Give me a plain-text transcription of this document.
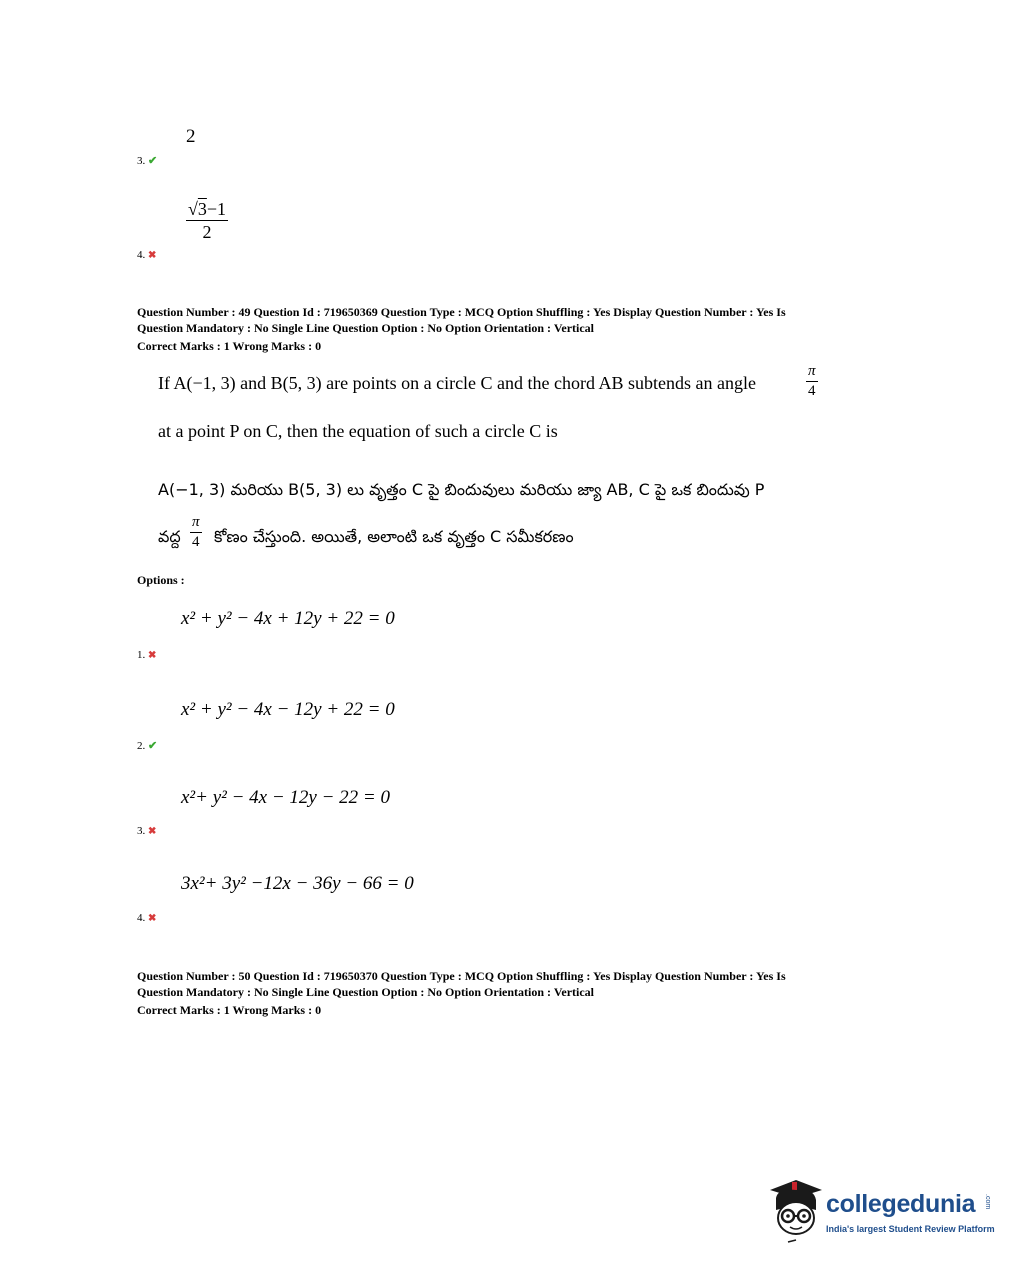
2
3. ✔
$\frac{√3-1}{2}$
4. ✖
Question Number : 49 Question Id : 719650369 Question Type : MCQ Option Shuffling : Yes Display Question Number : Yes Is
Question Mandatory : No Single Line Question Option : No Option Orientation : Vertical
Correct Marks : 1 Wrong Marks : 0
If A(−1, 3) and B(5, 3) are points on a circle C and the chord AB subtends an angle	$\frac{\pi}{4}$
at a point P on C, then the equation of such a circle C is
A(−1, 3) మరియు B(5, 3) లు వృత్తం C పై బిందువులు మరియు జ్యా AB, C పై ఒక బిందువు P
వద్ద $\frac{\pi}{4}$ కోణం చేస్తుంది. అయితే, అలాంటి ఒక వృత్తం C సమీకరణం
Options :
x² + y² − 4x + 12y + 22 = 0
1. ✖
x² + y² − 4x − 12y + 22 = 0
2. ✔
x²+ y² − 4x − 12y − 22 = 0
3. ✖
3x²+ 3y² −12x − 36y − 66 = 0
4. ✖
Question Number : 50 Question Id : 719650370 Question Type : MCQ Option Shuffling : Yes Display Question Number : Yes Is
Question Mandatory : No Single Line Question Option : No Option Orientation : Vertical
Correct Marks : 1 Wrong Marks : 0
collegedunia .com
India's largest Student Review Platform
